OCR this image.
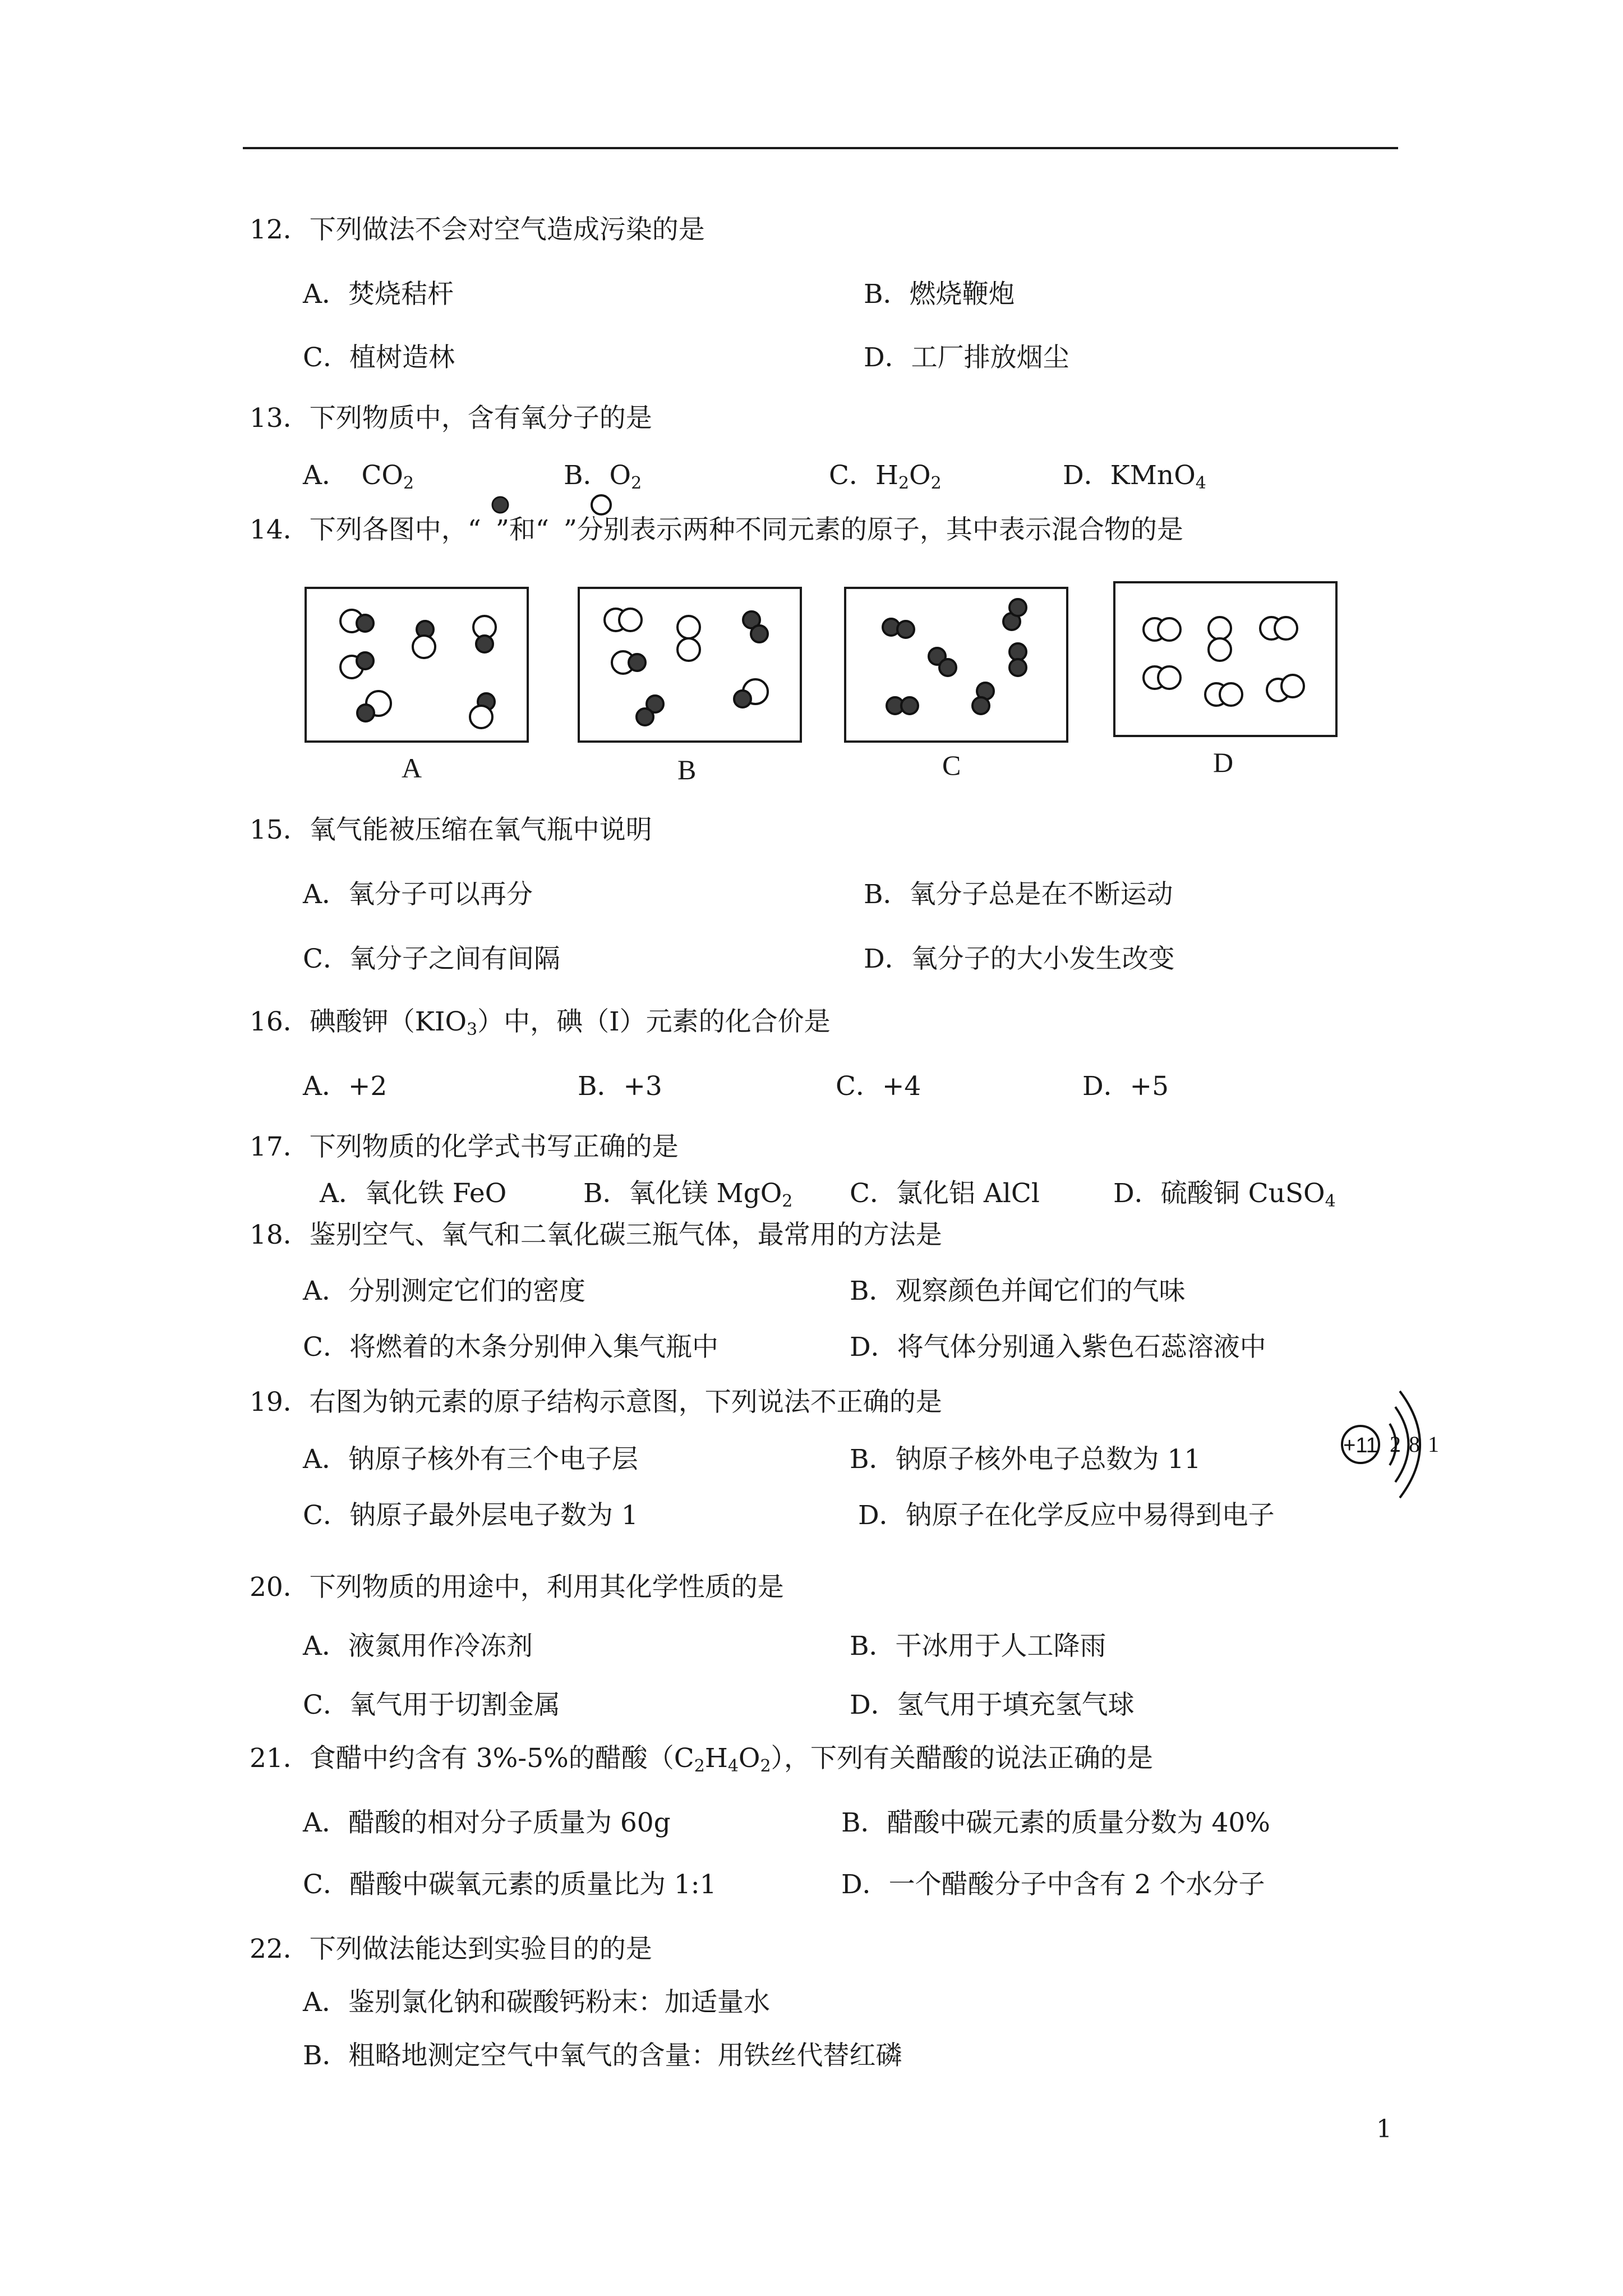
12．下列做法不会对空气造成污染的是
A．焚烧秸杆	B．燃烧鞭炮
C．植树造林	D．工厂排放烟尘
13．下列物质中，含有氧分子的是
A．　$CO_2$	B．$O_2$	C．$H_2O_2$	D．KMnO$_4$
14．下列各图中，“ ”和“ ”分别表示两种不同元素的原子，其中表示混合物的是
A	B	C	D
15．氧气能被压缩在氧气瓶中说明
A．氧分子可以再分	B．氧分子总是在不断运动
C．氧分子之间有间隔	D．氧分子的大小发生改变
16．碘酸钾$(KIO_3)$中，碘（I）元素的化合价是
A．+2	B．+3	C．+4	D．+5
17．下列物质的化学式书写正确的是
A．氧化铁 FeO	B．氧化镁 MgO$_2$ C．氯化铝 AlCl	D．硫酸铜 CuSO$_4$
18．鉴别空气、氧气和二氧化碳三瓶气体，最常用的方法是
A．分别测定它们的密度	B．观察颜色并闻它们的气味
C．将燃着的木条分别伸入集气瓶中	D．将气体分别通入紫色石蕊溶液中
19．右图为钠元素的原子结构示意图，下列说法不正确的是
A．钠原子核外有三个电子层	B．钠原子核外电子总数为 11
C．钠原子最外层电子数为 1	D．钠原子在化学反应中易得到电子
+11 2 8 1
20．下列物质的用途中，利用其化学性质的是
A．液氮用作冷冻剂	B．干冰用于人工降雨
C．氧气用于切割金属	D．氢气用于填充氢气球
21．食醋中约含有 3%-5%的醋酸$(C_2H_4O_2)$，下列有关醋酸的说法正确的是
A．醋酸的相对分子质量为 60g	B．醋酸中碳元素的质量分数为 40%
C．醋酸中碳氧元素的质量比为 1:1	D．一个醋酸分子中含有 2 个水分子
22．下列做法能达到实验目的的是
A．鉴别氯化钠和碳酸钙粉末：加适量水
B．粗略地测定空气中氧气的含量：用铁丝代替红磷
1
